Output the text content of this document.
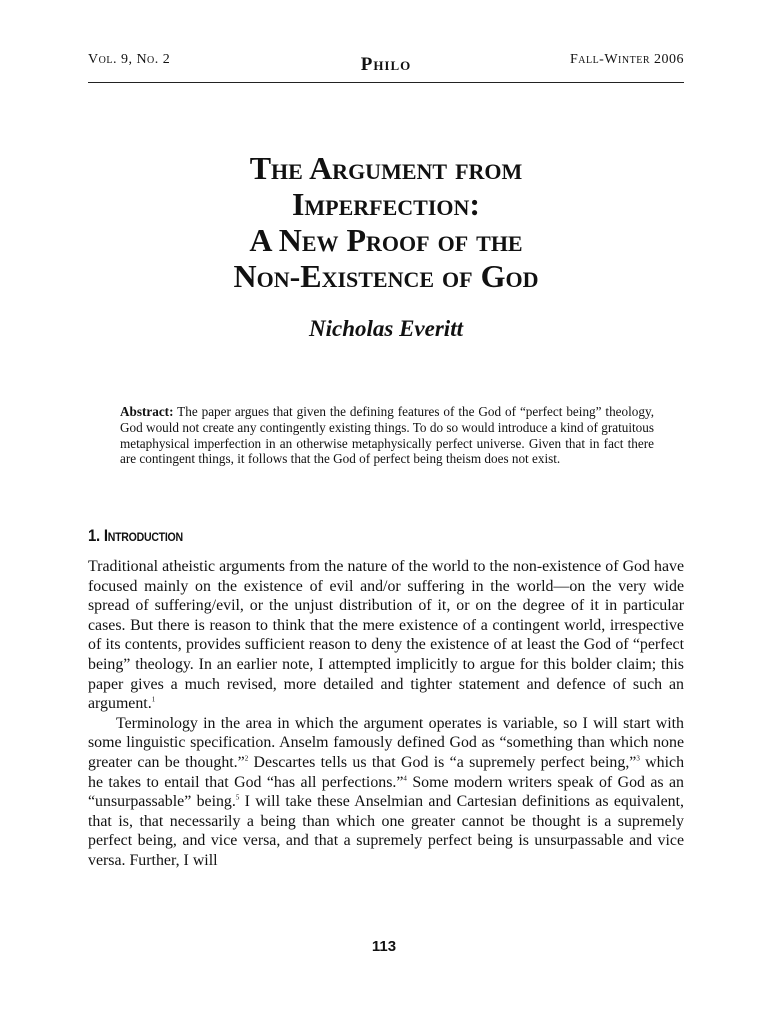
Vol. 9, No. 2	Philo	Fall-Winter 2006
The Argument from
Imperfection:
A New Proof of the
Non-Existence of God
Nicholas Everitt

Abstract: The paper argues that given the defining features of the God of “perfect being” theology, God would not create any contingently existing things. To do so would introduce a kind of gratuitous metaphysical imperfection in an otherwise metaphysically perfect universe. Given that in fact there are contingent things, it follows that the God of perfect being theism does not exist.

1. Introduction

Traditional atheistic arguments from the nature of the world to the non-existence of God have focused mainly on the existence of evil and/or suffering in the world—on the very wide spread of suffering/evil, or the unjust distribution of it, or on the degree of it in particular cases. But there is reason to think that the mere existence of a contingent world, irrespective of its contents, provides sufficient reason to deny the existence of at least the God of “perfect being” theology. In an earlier note, I attempted implicitly to argue for this bolder claim; this paper gives a much revised, more detailed and tighter statement and defence of such an argument.$^1$

Terminology in the area in which the argument operates is variable, so I will start with some linguistic specification. Anselm famously defined God as “something than which none greater can be thought.”$^2$ Descartes tells us that God is “a supremely perfect being,”$^3$ which he takes to entail that God “has all perfections.”$^4$ Some modern writers speak of God as an “unsurpassable” being.$^5$ I will take these Anselmian and Cartesian definitions as equivalent, that is, that necessarily a being than which one greater cannot be thought is a supremely perfect being, and vice versa, and that a supremely perfect being is unsurpassable and vice versa. Further, I will

113
